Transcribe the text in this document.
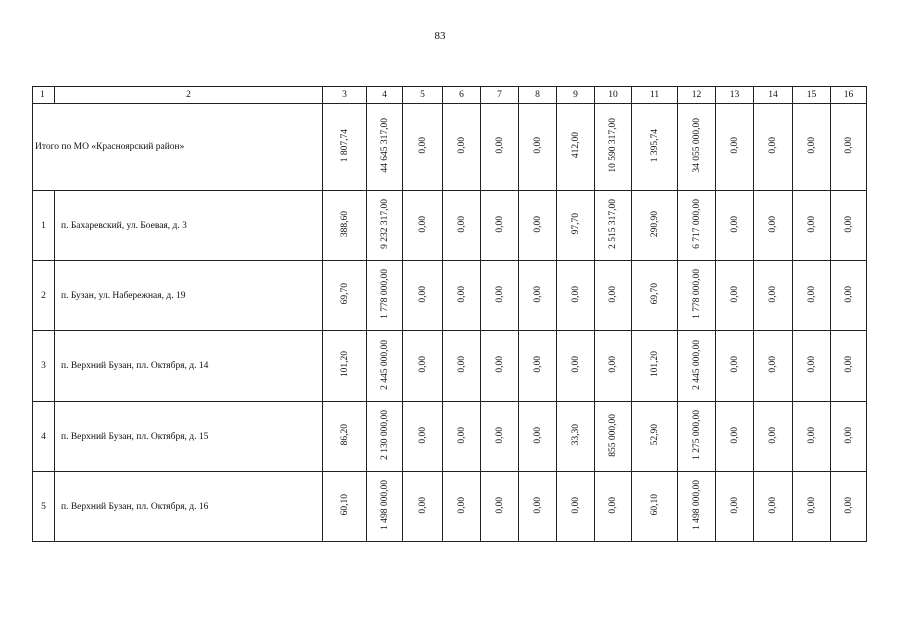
83
1	2	3	4	5	6	7	8	9	10	11	12	13	14	15	16
Итого по МО «Красноярский район»		1 807,74	44 645 317,00	0,00	0,00	0,00	0,00	412,00	10 590 317,00	1 395,74	34 055 000,00	0,00	0,00	0,00	0,00
1	п. Бахаревский, ул. Боевая, д. 3	388,60	9 232 317,00	0,00	0,00	0,00	0,00	97,70	2 515 317,00	290,90	6 717 000,00	0,00	0,00	0,00	0,00
2	п. Бузан, ул. Набережная, д. 19	69,70	1 778 000,00	0,00	0,00	0,00	0,00	0,00	0,00	69,70	1 778 000,00	0,00	0,00	0,00	0,00
3	п. Верхний Бузан, пл. Октября, д. 14	101,20	2 445 000,00	0,00	0,00	0,00	0,00	0,00	0,00	101,20	2 445 000,00	0,00	0,00	0,00	0,00
4	п. Верхний Бузан, пл. Октября, д. 15	86,20	2 130 000,00	0,00	0,00	0,00	0,00	33,30	855 000,00	52,90	1 275 000,00	0,00	0,00	0,00	0,00
5	п. Верхний Бузан, пл. Октября, д. 16	60,10	1 498 000,00	0,00	0,00	0,00	0,00	0,00	0,00	60,10	1 498 000,00	0,00	0,00	0,00	0,00
